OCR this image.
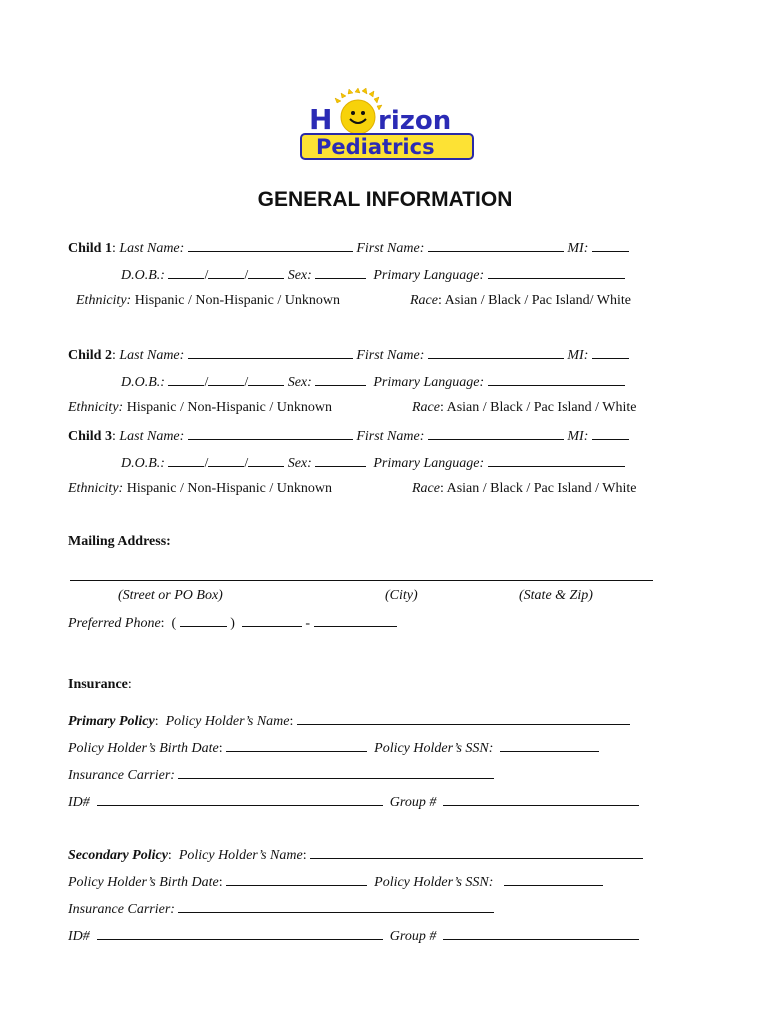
H rizon
Pediatrics
GENERAL INFORMATION
Child 1: Last Name:	First Name:	MI:
D.O.B.:	/	/	Sex:	Primary Language:
Ethnicity: Hispanic / Non-Hispanic / Unknown	Race: Asian / Black / Pac Island/ White
Child 2: Last Name:	First Name:	MI:
D.O.B.:	/	/	Sex:	Primary Language:
Ethnicity: Hispanic / Non-Hispanic / Unknown	Race: Asian / Black / Pac Island / White
Child 3: Last Name:	First Name:	MI:
D.O.B.:	/	/	Sex:	Primary Language:
Ethnicity: Hispanic / Non-Hispanic / Unknown	Race: Asian / Black / Pac Island / White
Mailing Address:
(Street or PO Box)	(City)	(State & Zip)
Preferred Phone:  (	)	-
Insurance:
Primary Policy:  Policy Holder’s Name:
Policy Holder’s Birth Date:	Policy Holder’s SSN:
Insurance Carrier:
ID#	Group #
Secondary Policy:  Policy Holder’s Name:
Policy Holder’s Birth Date:	Policy Holder’s SSN:
Insurance Carrier:
ID#	Group #
